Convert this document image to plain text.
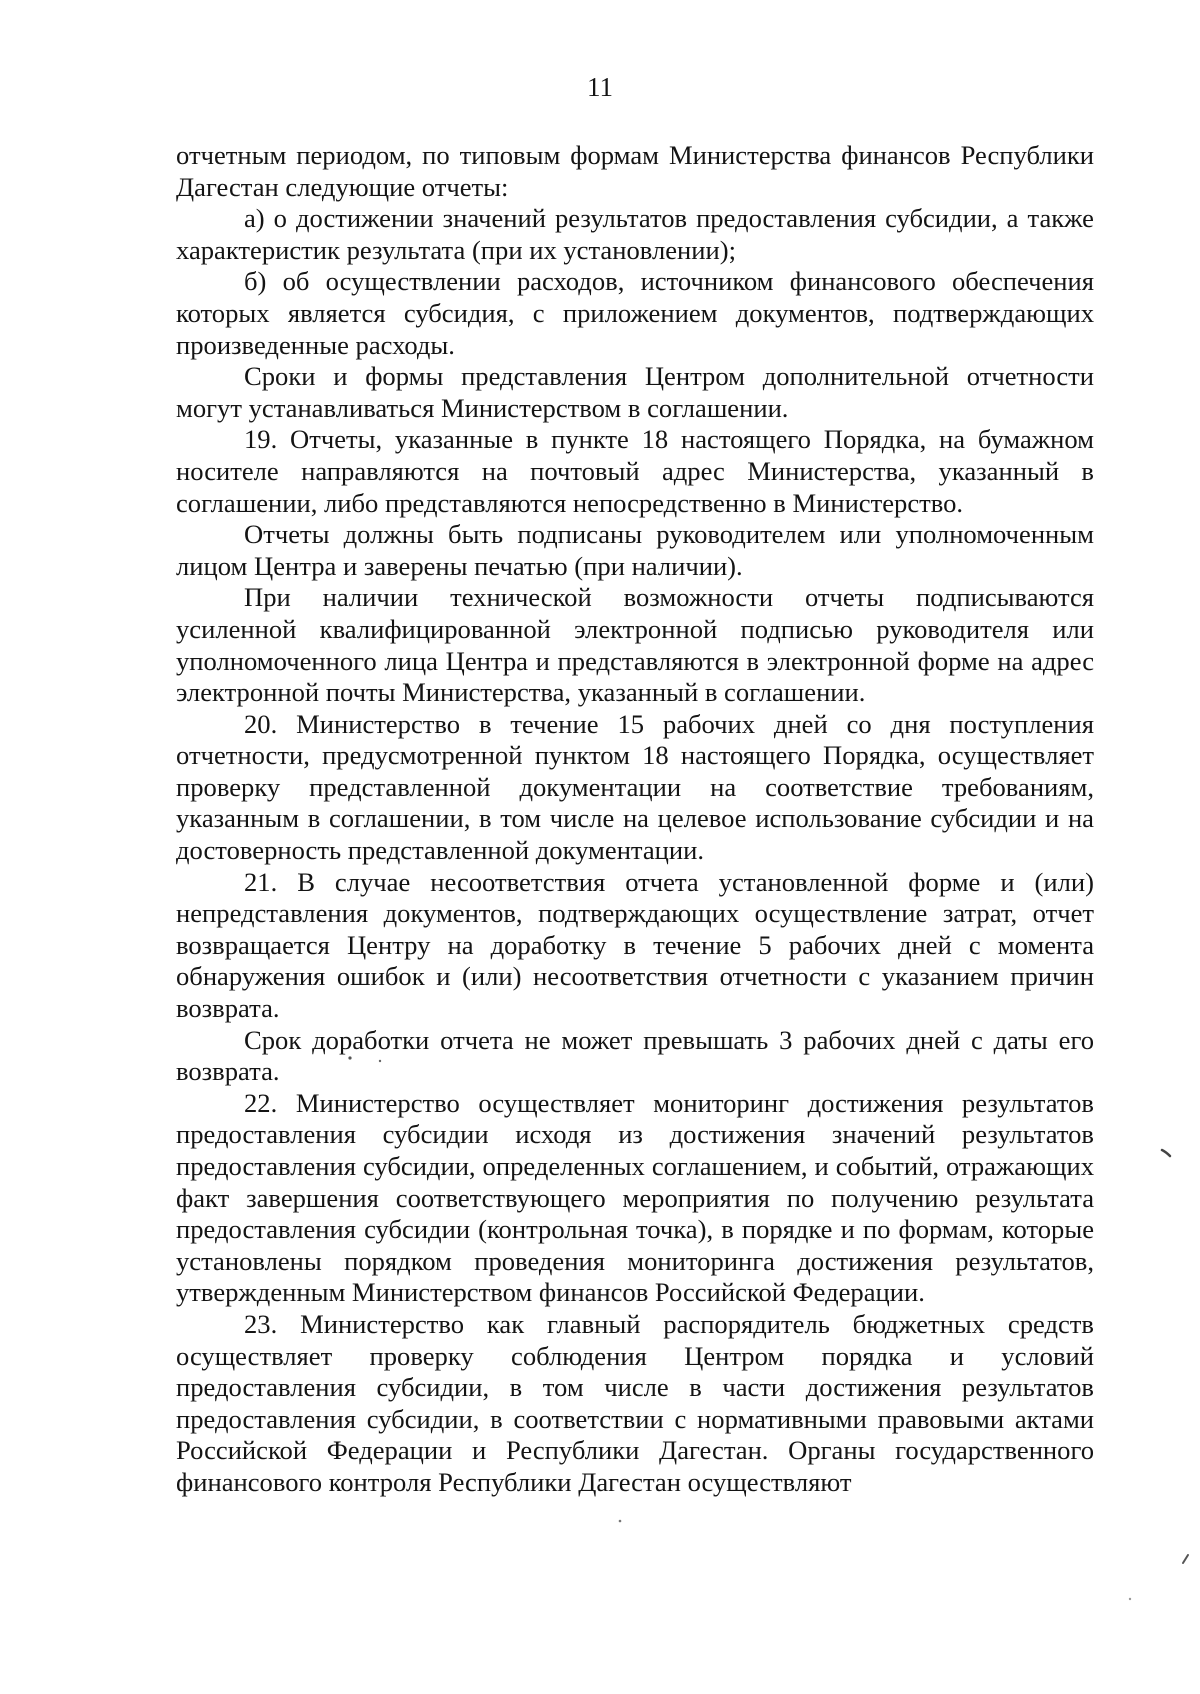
11

отчетным периодом, по типовым формам Министерства финансов Республики Дагестан следующие отчеты:

а) о достижении значений результатов предоставления субсидии, а также характеристик результата (при их установлении);

б) об осуществлении расходов, источником финансового обеспечения которых является субсидия, с приложением документов, подтверждающих произведенные расходы.

Сроки и формы представления Центром дополнительной отчетности могут устанавливаться Министерством в соглашении.

19. Отчеты, указанные в пункте 18 настоящего Порядка, на бумажном носителе направляются на почтовый адрес Министерства, указанный в соглашении, либо представляются непосредственно в Министерство.

Отчеты должны быть подписаны руководителем или уполномоченным лицом Центра и заверены печатью (при наличии).

При наличии технической возможности отчеты подписываются усиленной квалифицированной электронной подписью руководителя или уполномоченного лица Центра и представляются в электронной форме на адрес электронной почты Министерства, указанный в соглашении.

20. Министерство в течение 15 рабочих дней со дня поступления отчетности, предусмотренной пунктом 18 настоящего Порядка, осуществляет проверку представленной документации на соответствие требованиям, указанным в соглашении, в том числе на целевое использование субсидии и на достоверность представленной документации.

21. В случае несоответствия отчета установленной форме и (или) непредставления документов, подтверждающих осуществление затрат, отчет возвращается Центру на доработку в течение 5 рабочих дней с момента обнаружения ошибок и (или) несоответствия отчетности с указанием причин возврата.

Срок доработки отчета не может превышать 3 рабочих дней с даты его возврата.

22. Министерство осуществляет мониторинг достижения результатов предоставления субсидии исходя из достижения значений результатов предоставления субсидии, определенных соглашением, и событий, отражающих факт завершения соответствующего мероприятия по получению результата предоставления субсидии (контрольная точка), в порядке и по формам, которые установлены порядком проведения мониторинга достижения результатов, утвержденным Министерством финансов Российской Федерации.

23. Министерство как главный распорядитель бюджетных средств осуществляет проверку соблюдения Центром порядка и условий предоставления субсидии, в том числе в части достижения результатов предоставления субсидии, в соответствии с нормативными правовыми актами Российской Федерации и Республики Дагестан. Органы государственного финансового контроля Республики Дагестан осуществляют
